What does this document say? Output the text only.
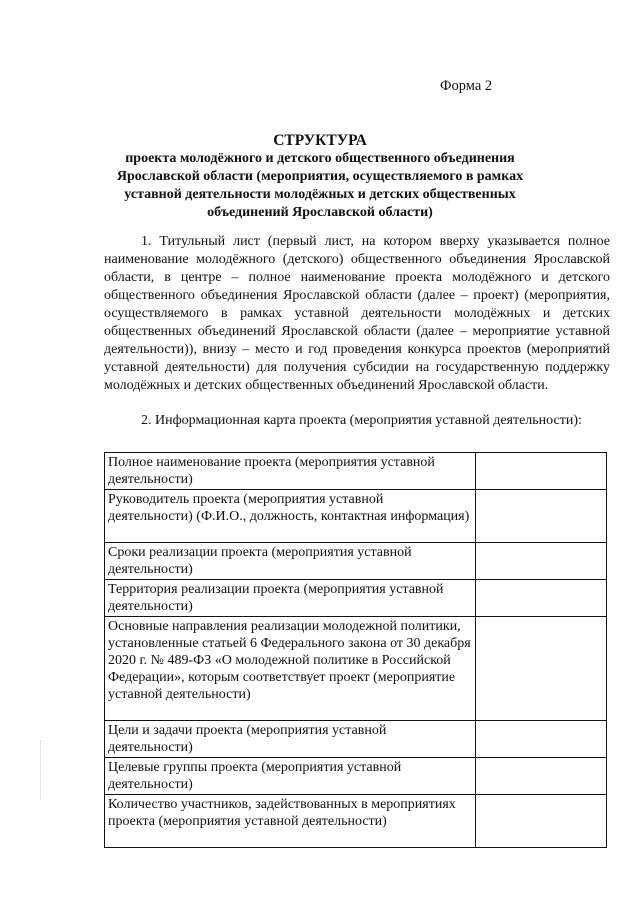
Форма 2
СТРУКТУРА
проекта молодёжного и детского общественного объединения
Ярославской области (мероприятия, осуществляемого в рамках
уставной деятельности молодёжных и детских общественных
объединений Ярославской области)
1. Титульный лист (первый лист, на котором вверху указывается полное наименование молодёжного (детского) общественного объединения Ярославской области, в центре – полное наименование проекта молодёжного и детского общественного объединения Ярославской области (далее – проект) (мероприятия, осуществляемого в рамках уставной деятельности молодёжных и детских общественных объединений Ярославской области (далее – мероприятие уставной деятельности)), внизу – место и год проведения конкурса проектов (мероприятий уставной деятельности) для получения субсидии на государственную поддержку молодёжных и детских общественных объединений Ярославской области.
2. Информационная карта проекта (мероприятия уставной деятельности):
Полное наименование проекта (мероприятия уставной деятельности)	
Руководитель проекта (мероприятия уставной деятельности) (Ф.И.О., должность, контактная информация)	
Сроки реализации проекта (мероприятия уставной деятельности)	
Территория реализации проекта (мероприятия уставной деятельности)	
Основные направления реализации молодежной политики, установленные статьей 6 Федерального закона от 30 декабря 2020 г. № 489-ФЗ «О молодежной политике в Российской Федерации», которым соответствует проект (мероприятие уставной деятельности)	
Цели и задачи проекта (мероприятия уставной деятельности)	
Целевые группы проекта (мероприятия уставной деятельности)	
Количество участников, задействованных в мероприятиях проекта (мероприятия уставной деятельности)	
